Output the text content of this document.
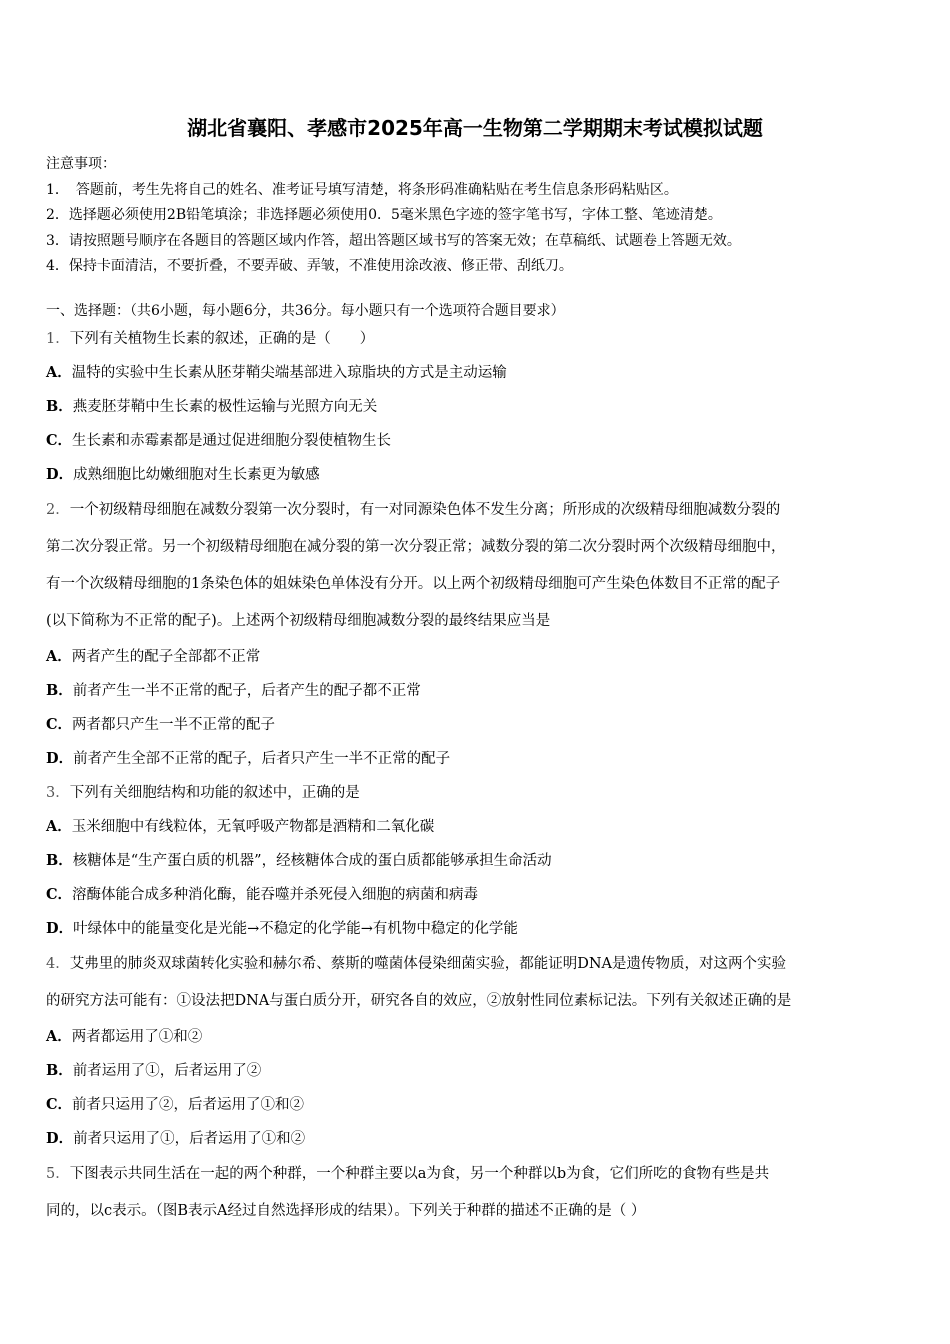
湖北省襄阳、孝感市2025年高一生物第二学期期末考试模拟试题
注意事项：
1．　答题前，考生先将自己的姓名、准考证号填写清楚，将条形码准确粘贴在考生信息条形码粘贴区。
2．选择题必须使用2B铅笔填涂；非选择题必须使用0．5毫米黑色字迹的签字笔书写，字体工整、笔迹清楚。
3．请按照题号顺序在各题目的答题区域内作答，超出答题区域书写的答案无效；在草稿纸、试题卷上答题无效。
4．保持卡面清洁，不要折叠，不要弄破、弄皱，不准使用涂改液、修正带、刮纸刀。
一、选择题：（共6小题，每小题6分，共36分。每小题只有一个选项符合题目要求）
1．下列有关植物生长素的叙述，正确的是（　　）
A．温特的实验中生长素从胚芽鞘尖端基部进入琼脂块的方式是主动运输
B．燕麦胚芽鞘中生长素的极性运输与光照方向无关
C．生长素和赤霉素都是通过促进细胞分裂使植物生长
D．成熟细胞比幼嫩细胞对生长素更为敏感
2．一个初级精母细胞在减数分裂第一次分裂时，有一对同源染色体不发生分离；所形成的次级精母细胞减数分裂的
第二次分裂正常。另一个初级精母细胞在减分裂的第一次分裂正常；减数分裂的第二次分裂时两个次级精母细胞中，
有一个次级精母细胞的1条染色体的姐妹染色单体没有分开。以上两个初级精母细胞可产生染色体数目不正常的配子
(以下简称为不正常的配子)。上述两个初级精母细胞减数分裂的最终结果应当是
A．两者产生的配子全部都不正常
B．前者产生一半不正常的配子，后者产生的配子都不正常
C．两者都只产生一半不正常的配子
D．前者产生全部不正常的配子，后者只产生一半不正常的配子
3．下列有关细胞结构和功能的叙述中，正确的是
A．玉米细胞中有线粒体，无氧呼吸产物都是酒精和二氧化碳
B．核糖体是“生产蛋白质的机器”，经核糖体合成的蛋白质都能够承担生命活动
C．溶酶体能合成多种消化酶，能吞噬并杀死侵入细胞的病菌和病毒
D．叶绿体中的能量变化是光能→不稳定的化学能→有机物中稳定的化学能
4．艾弗里的肺炎双球菌转化实验和赫尔希、蔡斯的噬菌体侵染细菌实验，都能证明DNA是遗传物质，对这两个实验
的研究方法可能有：①设法把DNA与蛋白质分开，研究各自的效应，②放射性同位素标记法。下列有关叙述正确的是
A．两者都运用了①和②
B．前者运用了①，后者运用了②
C．前者只运用了②，后者运用了①和②
D．前者只运用了①，后者运用了①和②
5．下图表示共同生活在一起的两个种群，一个种群主要以a为食，另一个种群以b为食，它们所吃的食物有些是共
同的，以c表示。（图B表示A经过自然选择形成的结果）。下列关于种群的描述不正确的是（ ）
